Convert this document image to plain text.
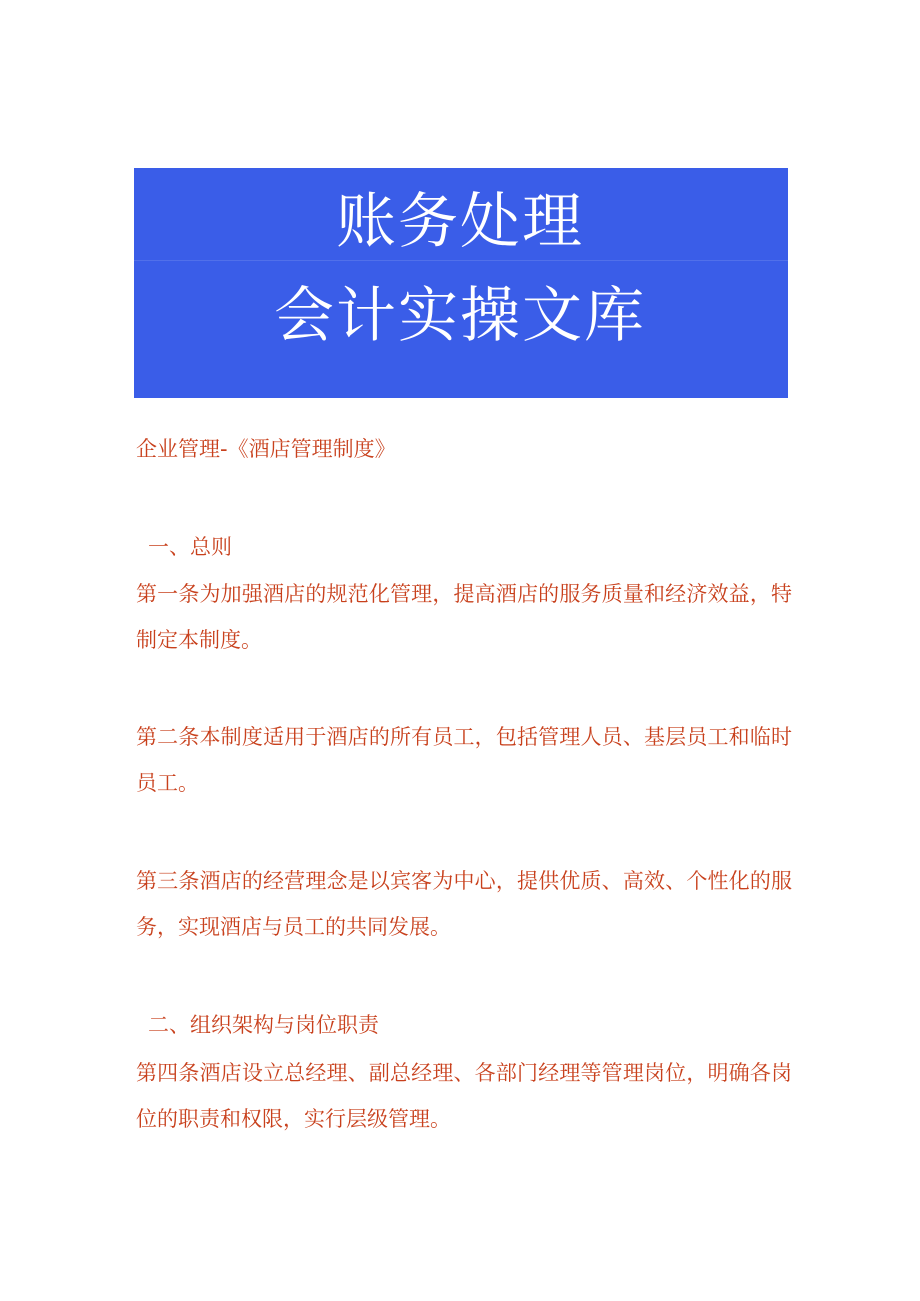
账务处理
会计实操文库
企业管理-《酒店管理制度》
一、总则
第一条为加强酒店的规范化管理，提高酒店的服务质量和经济效益，特制定本制度。
第二条本制度适用于酒店的所有员工，包括管理人员、基层员工和临时员工。
第三条酒店的经营理念是以宾客为中心，提供优质、高效、个性化的服务，实现酒店与员工的共同发展。
二、组织架构与岗位职责
第四条酒店设立总经理、副总经理、各部门经理等管理岗位，明确各岗位的职责和权限，实行层级管理。
